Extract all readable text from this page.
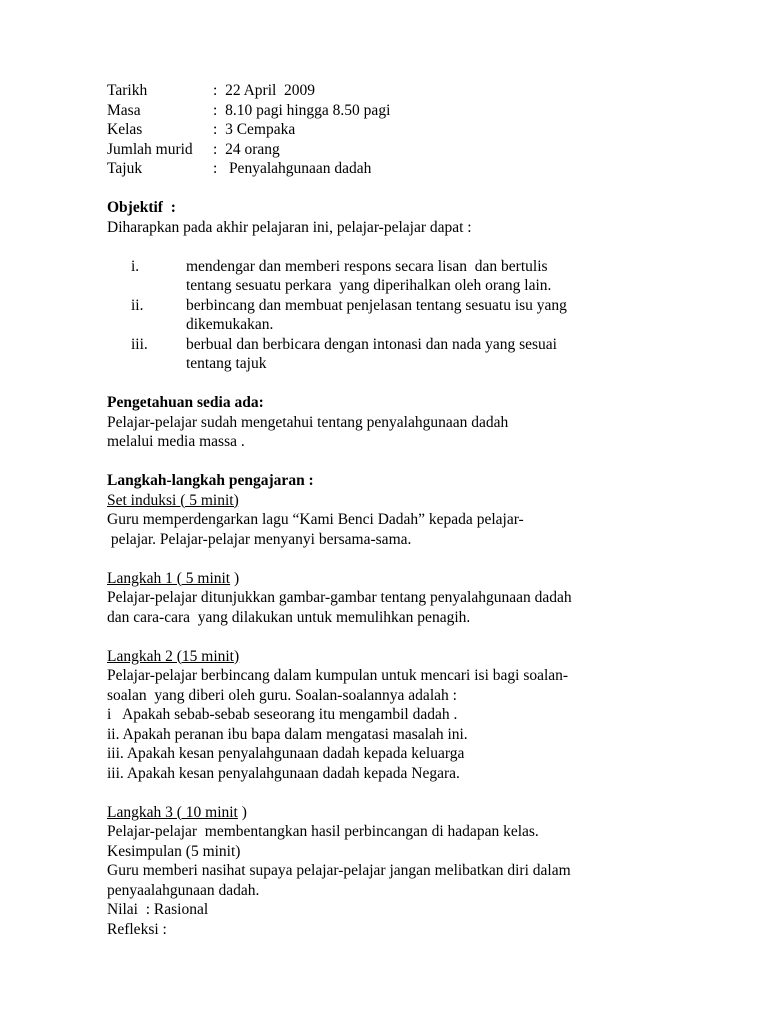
Tarikh	: 22 April  2009
Masa	: 8.10 pagi hingga 8.50 pagi
Kelas	: 3 Cempaka
Jumlah murid : 24 orang
Tajuk	:   Penyalahgunaan dadah
Objektif  :
Diharapkan pada akhir pelajaran ini, pelajar-pelajar dapat :
i.	mendengar dan memberi respons secara lisan  dan bertulis
tentang sesuatu perkara  yang diperihalkan oleh orang lain.
ii.	berbincang dan membuat penjelasan tentang sesuatu isu yang
dikemukakan.
iii.	berbual dan berbicara dengan intonasi dan nada yang sesuai
tentang tajuk
Pengetahuan sedia ada:
Pelajar-pelajar sudah mengetahui tentang penyalahgunaan dadah
melalui media massa .
Langkah-langkah pengajaran :
Set induksi ( 5 minit)
Guru memperdengarkan lagu “Kami Benci Dadah” kepada pelajar-
pelajar. Pelajar-pelajar menyanyi bersama-sama.
Langkah 1 ( 5 minit )
Pelajar-pelajar ditunjukkan gambar-gambar tentang penyalahgunaan dadah
dan cara-cara  yang dilakukan untuk memulihkan penagih.
Langkah 2 (15 minit)
Pelajar-pelajar berbincang dalam kumpulan untuk mencari isi bagi soalan-
soalan  yang diberi oleh guru. Soalan-soalannya adalah :
i   Apakah sebab-sebab seseorang itu mengambil dadah .
ii. Apakah peranan ibu bapa dalam mengatasi masalah ini.
iii. Apakah kesan penyalahgunaan dadah kepada keluarga
iii. Apakah kesan penyalahgunaan dadah kepada Negara.
Langkah 3 ( 10 minit )
Pelajar-pelajar  membentangkan hasil perbincangan di hadapan kelas.
Kesimpulan (5 minit)
Guru memberi nasihat supaya pelajar-pelajar jangan melibatkan diri dalam
penyaalahgunaan dadah.
Nilai  : Rasional
Refleksi :
